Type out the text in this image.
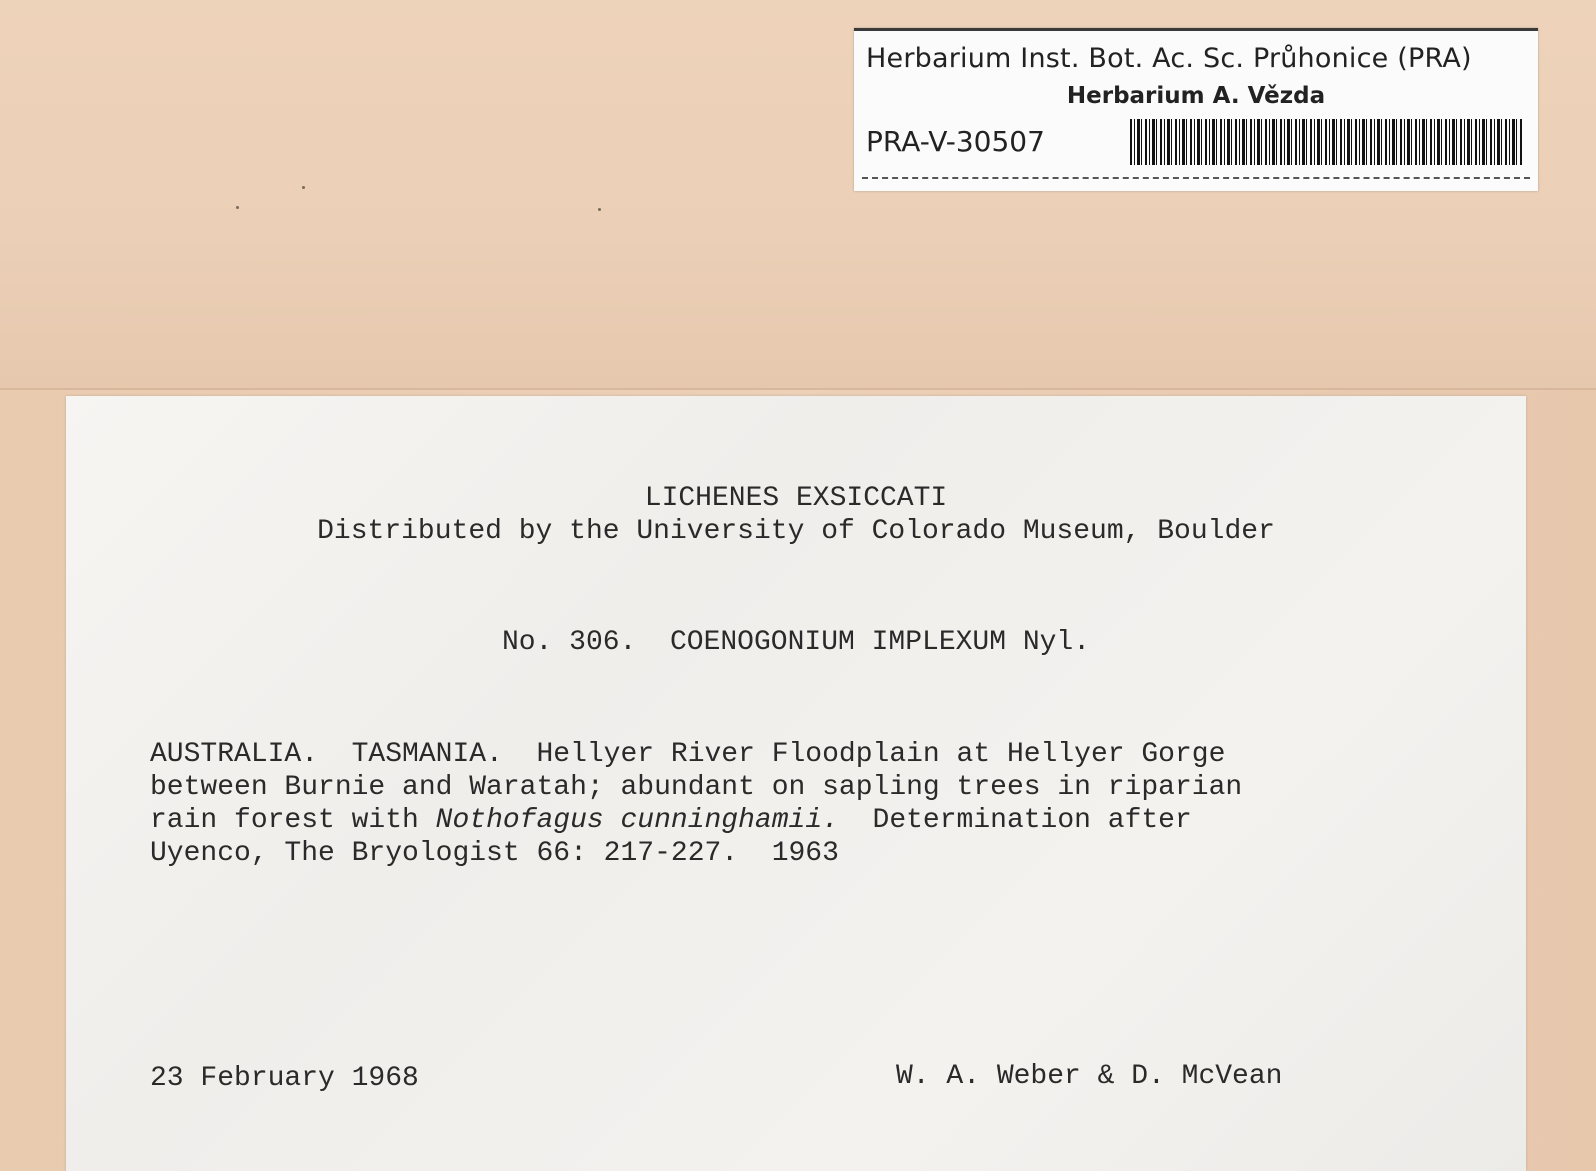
Herbarium Inst. Bot. Ac. Sc. Průhonice (PRA)
Herbarium A. Vězda
PRA-V-30507
LICHENES EXSICCATI
Distributed by the University of Colorado Museum, Boulder
No. 306. COENOGONIUM IMPLEXUM Nyl.
AUSTRALIA.  TASMANIA.  Hellyer River Floodplain at Hellyer Gorge
between Burnie and Waratah; abundant on sapling trees in riparian
rain forest with Nothofagus cunninghamii.  Determination after
Uyenco, The Bryologist 66: 217-227.  1963
23 February 1968	W. A. Weber & D. McVean
